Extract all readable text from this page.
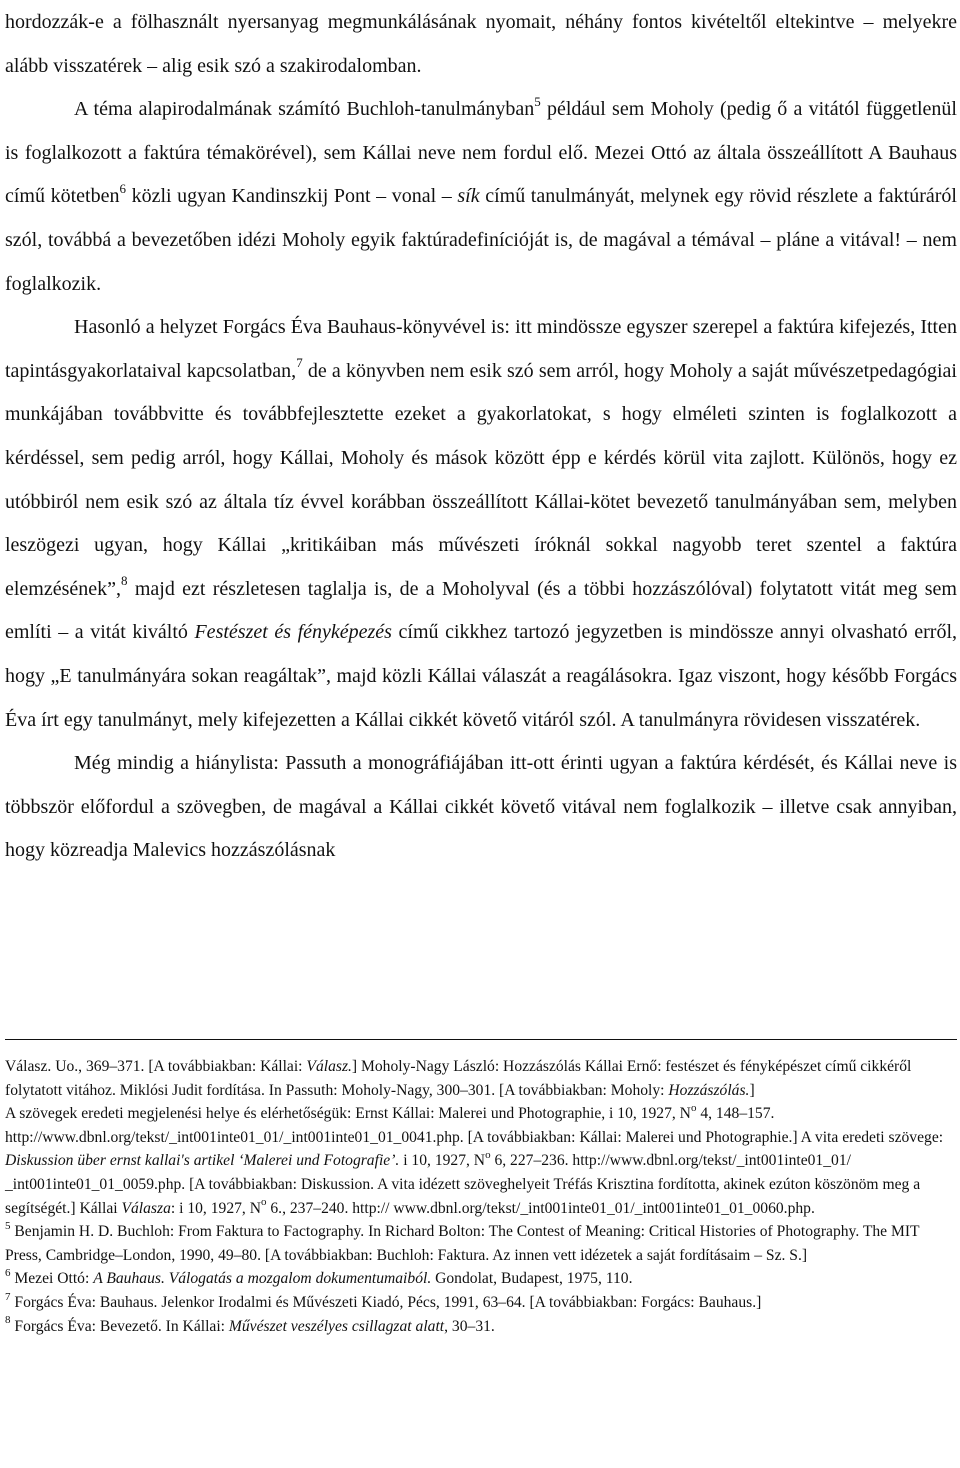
hordozzák-e a fölhasznált nyersanyag megmunkálásának nyomait, néhány fontos kivételtől eltekintve – melyekre alább visszatérek – alig esik szó a szakirodalomban.

A téma alapirodalmának számító Buchloh-tanulmányban$^5$ például sem Moholy (pedig ő a vitától függetlenül is foglalkozott a faktúra témakörével), sem Kállai neve nem fordul elő. Mezei Ottó az általa összeállított A Bauhaus című kötetben$^6$ közli ugyan Kandinszkij Pont – vonal – sík című tanulmányát, melynek egy rövid részlete a faktúráról szól, továbbá a bevezetőben idézi Moholy egyik faktúradefinícióját is, de magával a témával – pláne a vitával! – nem foglalkozik.

Hasonló a helyzet Forgács Éva Bauhaus-könyvével is: itt mindössze egyszer szerepel a faktúra kifejezés, Itten tapintásgyakorlataival kapcsolatban,$^7$ de a könyvben nem esik szó sem arról, hogy Moholy a saját művészetpedagógiai munkájában továbbvitte és továbbfejlesztette ezeket a gyakorlatokat, s hogy elméleti szinten is foglalkozott a kérdéssel, sem pedig arról, hogy Kállai, Moholy és mások között épp e kérdés körül vita zajlott. Különös, hogy ez utóbbiról nem esik szó az általa tíz évvel korábban összeállított Kállai-kötet bevezető tanulmányában sem, melyben leszögezi ugyan, hogy Kállai „kritikáiban más művészeti íróknál sokkal nagyobb teret szentel a faktúra elemzésének”,$^8$ majd ezt részletesen taglalja is, de a Moholyval (és a többi hozzászólóval) folytatott vitát meg sem említi – a vitát kiváltó Festészet és fényképezés című cikkhez tartozó jegyzetben is mindössze annyi olvasható erről, hogy „E tanulmányára sokan reagáltak”, majd közli Kállai válaszát a reagálásokra. Igaz viszont, hogy később Forgács Éva írt egy tanulmányt, mely kifejezetten a Kállai cikkét követő vitáról szól. A tanulmányra rövidesen visszatérek.

Még mindig a hiánylista: Passuth a monográfiájában itt-ott érinti ugyan a faktúra kérdését, és Kállai neve is többször előfordul a szövegben, de magával a Kállai cikkét követő vitával nem foglalkozik – illetve csak annyiban, hogy közreadja Malevics hozzászólásnak

Válasz. Uo., 369–371. [A továbbiakban: Kállai: Válasz.] Moholy-Nagy László: Hozzászólás Kállai Ernő: festészet és fényképészet című cikkéről folytatott vitához. Miklósi Judit fordítása. In Passuth: Moholy-Nagy, 300–301. [A továbbiakban: Moholy: Hozzászólás.]

A szövegek eredeti megjelenési helye és elérhetőségük: Ernst Kállai: Malerei und Photographie, i 10, 1927, $N^o$ 4, 148–157. http://www.dbnl.org/tekst/_int001inte01_01/_int001inte01_01_0041.php. [A továbbiakban: Kállai: Malerei und Photographie.] A vita eredeti szövege: Diskussion über ernst kallai's artikel ‘Malerei und Fotografie’. i 10, 1927, $N^o$ 6, 227–236. http://www.dbnl.org/tekst/_int001inte01_01/ _int001inte01_01_0059.php. [A továbbiakban: Diskussion. A vita idézett szöveghelyeit Tréfás Krisztina fordította, akinek ezúton köszönöm meg a segítségét.] Kállai Válasza: i 10, 1927, $N^o$ 6., 237–240. http:// www.dbnl.org/tekst/_int001inte01_01/_int001inte01_01_0060.php.

$^5$ Benjamin H. D. Buchloh: From Faktura to Factography. In Richard Bolton: The Contest of Meaning: Critical Histories of Photography. The MIT Press, Cambridge–London, 1990, 49–80. [A továbbiakban: Buchloh: Faktura. Az innen vett idézetek a saját fordításaim – Sz. S.]

$^6$ Mezei Ottó: A Bauhaus. Válogatás a mozgalom dokumentumaiból. Gondolat, Budapest, 1975, 110.

$^7$ Forgács Éva: Bauhaus. Jelenkor Irodalmi és Művészeti Kiadó, Pécs, 1991, 63–64. [A továbbiakban: Forgács: Bauhaus.]

$^8$ Forgács Éva: Bevezető. In Kállai: Művészet veszélyes csillagzat alatt, 30–31.
